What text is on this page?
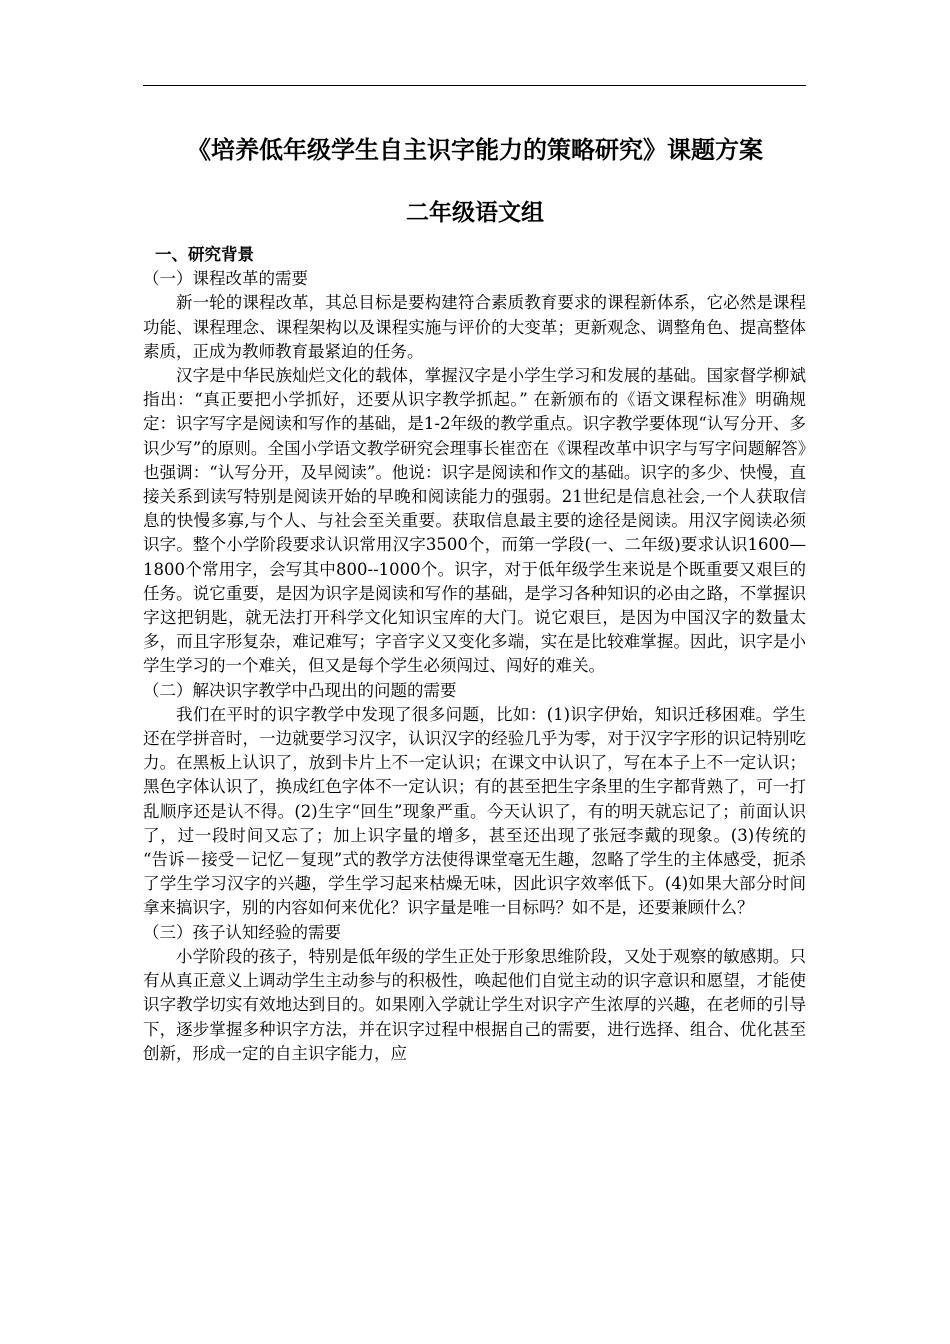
《培养低年级学生自主识字能力的策略研究》课题方案
二年级语文组
一、研究背景
（一）课程改革的需要
新一轮的课程改革，其总目标是要构建符合素质教育要求的课程新体系，它必然是课程功能、课程理念、课程架构以及课程实施与评价的大变革；更新观念、调整角色、提高整体素质，正成为教师教育最紧迫的任务。
汉字是中华民族灿烂文化的载体，掌握汉字是小学生学习和发展的基础。国家督学柳斌指出：“真正要把小学抓好，还要从识字教学抓起。” 在新颁布的《语文课程标准》明确规定：识字写字是阅读和写作的基础，是1-2年级的教学重点。识字教学要体现“认写分开、多识少写”的原则。全国小学语文教学研究会理事长崔峦在《课程改革中识字与写字问题解答》也强调：“认写分开，及早阅读”。他说：识字是阅读和作文的基础。识字的多少、快慢，直接关系到读写特别是阅读开始的早晚和阅读能力的强弱。21世纪是信息社会,一个人获取信息的快慢多寡,与个人、与社会至关重要。获取信息最主要的途径是阅读。用汉字阅读必须识字。整个小学阶段要求认识常用汉字3500个，而第一学段(一、二年级)要求认识1600—1800个常用字，会写其中800--1000个。识字，对于低年级学生来说是个既重要又艰巨的任务。说它重要，是因为识字是阅读和写作的基础，是学习各种知识的必由之路，不掌握识字这把钥匙，就无法打开科学文化知识宝库的大门。说它艰巨，是因为中国汉字的数量太多，而且字形复杂，难记难写；字音字义又变化多端，实在是比较难掌握。因此，识字是小学生学习的一个难关，但又是每个学生必须闯过、闯好的难关。
（二）解决识字教学中凸现出的问题的需要
我们在平时的识字教学中发现了很多问题，比如：(1)识字伊始，知识迁移困难。学生还在学拼音时，一边就要学习汉字，认识汉字的经验几乎为零，对于汉字字形的识记特别吃力。在黑板上认识了，放到卡片上不一定认识；在课文中认识了，写在本子上不一定认识；黑色字体认识了，换成红色字体不一定认识；有的甚至把生字条里的生字都背熟了，可一打乱顺序还是认不得。(2)生字“回生”现象严重。今天认识了，有的明天就忘记了；前面认识了，过一段时间又忘了；加上识字量的增多，甚至还出现了张冠李戴的现象。(3)传统的 “告诉－接受－记忆－复现”式的教学方法使得课堂毫无生趣，忽略了学生的主体感受，扼杀了学生学习汉字的兴趣，学生学习起来枯燥无味，因此识字效率低下。(4)如果大部分时间拿来搞识字，别的内容如何来优化？识字量是唯一目标吗？如不是，还要兼顾什么？
（三）孩子认知经验的需要
小学阶段的孩子，特别是低年级的学生正处于形象思维阶段，又处于观察的敏感期。只有从真正意义上调动学生主动参与的积极性，唤起他们自觉主动的识字意识和愿望，才能使识字教学切实有效地达到目的。如果刚入学就让学生对识字产生浓厚的兴趣，在老师的引导下，逐步掌握多种识字方法，并在识字过程中根据自己的需要，进行选择、组合、优化甚至创新，形成一定的自主识字能力，应
